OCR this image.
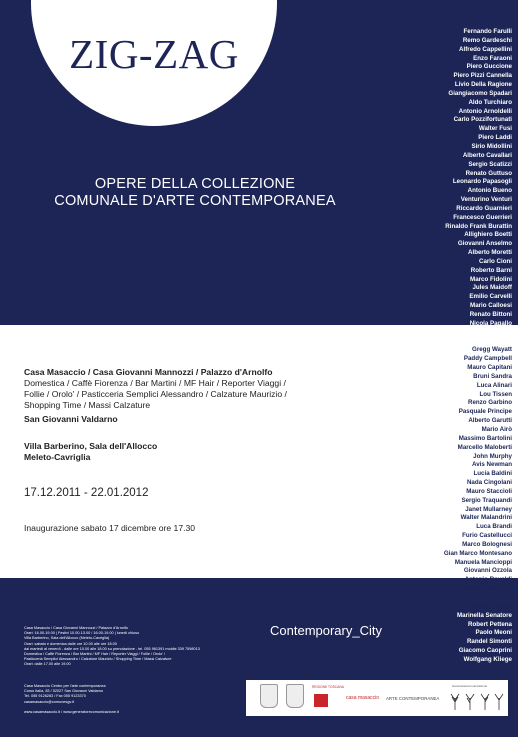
ZIG-ZAG
OPERE DELLA COLLEZIONE
COMUNALE D'ARTE CONTEMPORANEA
Fernando Farulli
Remo Gardeschi
Alfredo Cappellini
Enzo Faraoni
Piero Guccione
Piero Pizzi Cannella
Livio Della Ragione
Giangiacomo Spadari
Aldo Turchiaro
Antonio Arnoldelli
Carlo Pozzifortunati
Walter Fusi
Piero Laddi
Sirio Midollini
Alberto Cavallari
Sergio Scatizzi
Renato Guttuso
Leonardo Papasogli
Antonio Bueno
Venturino Venturi
Riccardo Guarnieri
Francesco Guerrieri
Rinaldo Frank Burattin
Allighiero Boetti
Giovanni Anselmo
Alberto Moretti
Carlo Cioni
Roberto Barni
Marco Fidolini
Jules Maidoff
Emilio Carvelli
Mario Calloesi
Renato Bittoni
Nicola Pagallo
Giuliano Azzoni
Aziz Fued
Gregg Wayatt
Paddy Campbell
Mauro Capitani
Bruni Sandra
Luca Alinari
Lou Tissen
Renzo Garbino
Pasquale Principe
Alberto Garutti
Mario Airò
Massimo Bartolini
Marcello Maloberti
John Murphy
Avis Newman
Lucia Baldini
Nada Cingolani
Mauro Staccioli
Sergio Traquandi
Janet Mullarney
Walter Malandrini
Luca Brandi
Furio Castellucci
Marco Bolognesi
Gian Marco Montesano
Manuela Mancioppi
Giovanni Ozzola
Antonio Rovaldi
Maitree Siriboon
Francesca
Carolina Saquel
Marinella Senatore
Robert Pettena
Paolo Meoni
Randel Simonti
Giacomo Caoprini
Wolfgang Kliege
Casa Masaccio / Casa Giovanni Mannozzi / Palazzo d'Arnolfo
Domestica / Caffè Fiorenza / Bar Martini / MF Hair / Reporter Viaggi /
Follie / Orolo' / Pasticceria Semplici Alessandro / Calzature Maurizio /
Shopping Time / Massi Calzature
San Giovanni Valdarno
Villa Barberino, Sala dell'Allocco
Meleto-Cavriglia
17.12.2011 - 22.01.2012
Inaugurazione sabato 17 dicembre ore 17.30
Contemporary_City
Casa Masaccio / Casa Giovanni Mannozzi / Palazzo d'Arnolfo
Orari: 16.00-19.00 | Festivi 10.00-13.00 / 16.00-19.00 | lunedì chiuso
Villa Barberino, Sala dell'Allocco (Meleto-Cavriglia)
Orari: sabato e domenica dalle ore 10.00 alle ore 18.00
dal martedì al venerdì - dalle ore 10.00 alle 18.00 su prenotazione - tel. 055 961391 mobile 339 7598013
Domestica / Caffè Fiorenza / Bar Martini / MF Hair / Reporter Viaggi / Follie / Orolo' /
Pasticceria Semplici Alessandro / Calzature Maurizio / Shopping Time / Massi Calzature
Orari: dalle 17.00 alle 19.00
Casa Masaccio Centro per l'arte contemporanea
Corso Italia, 83 / 52027 San Giovanni Valdarno
Tel. 055 9126283 / Fax 055 9123370
casamasaccio@comunesgv.it

www.casamasaccio.it / www.generatorecomunicazione.it
REGIONE TOSCANA
casa masaccio ARTE CONTEMPORANEA
Generatorecomunicazione
